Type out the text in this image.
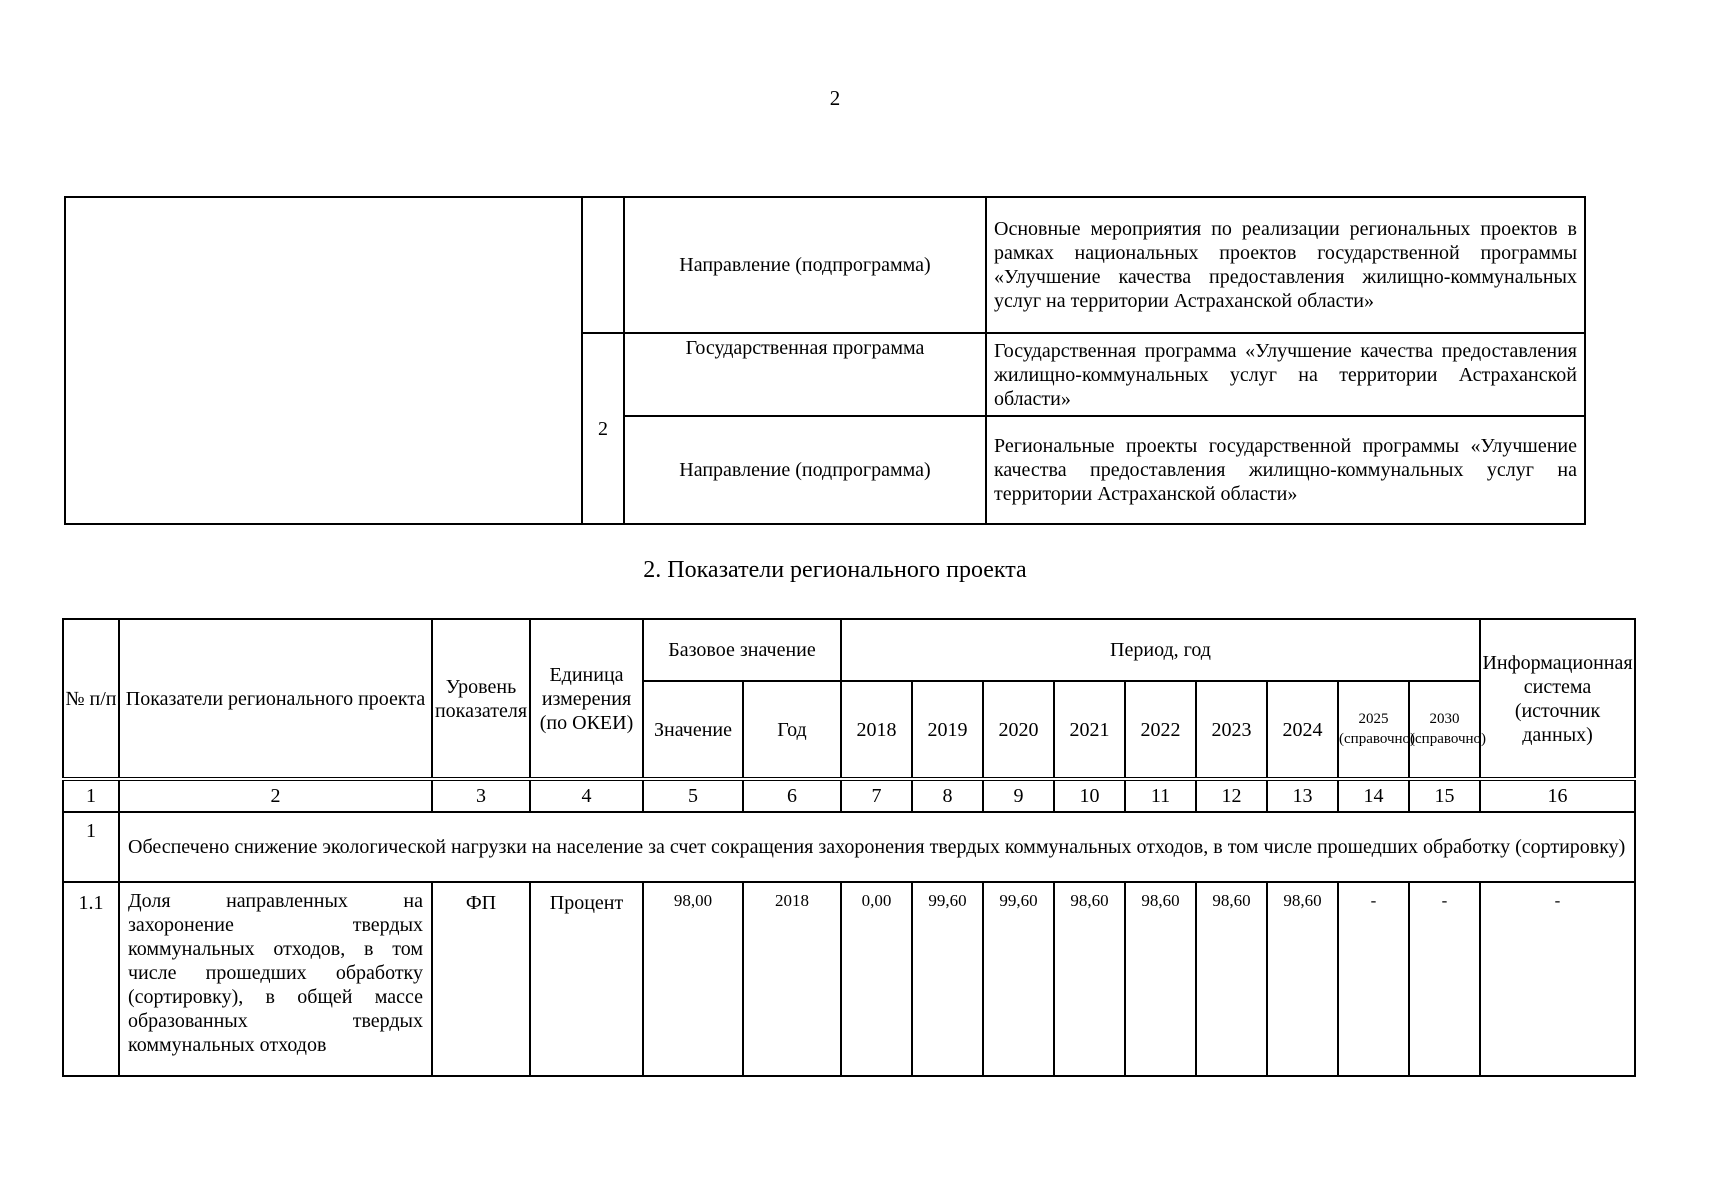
2
		Направление (подпрограмма)	Основные мероприятия по реализации региональных проектов в рамках национальных проектов государственной программы «Улучшение качества предоставления жилищно-коммунальных услуг на территории Астраханской области»
	2	Государственная программа	Государственная программа «Улучшение качества предоставления жилищно-коммунальных услуг на территории Астраханской области»
		Направление (подпрограмма)	Региональные проекты государственной программы «Улучшение качества предоставления жилищно-коммунальных услуг на территории Астраханской области»
2. Показатели регионального проекта
№ п/п	Показатели регионального проекта	Уровень показателя	Единица измерения (по ОКЕИ)	Базовое значение		Период, год									Информационная система (источник данных)
				Значение	Год	2018	2019	2020	2021	2022	2023	2024	2025 (справочно)	2030 (справочно)	
1	2	3	4	5	6	7	8	9	10	11	12	13	14	15	16
1	Обеспечено снижение экологической нагрузки на население за счет сокращения захоронения твердых коммунальных отходов, в том числе прошедших обработку (сортировку)														
1.1	Доля направленных на захоронение твердых коммунальных отходов, в том числе прошедших обработку (сортировку), в общей массе образованных твердых коммунальных отходов	ФП	Процент	98,00	2018	0,00	99,60	99,60	98,60	98,60	98,60	98,60	-	-	-
